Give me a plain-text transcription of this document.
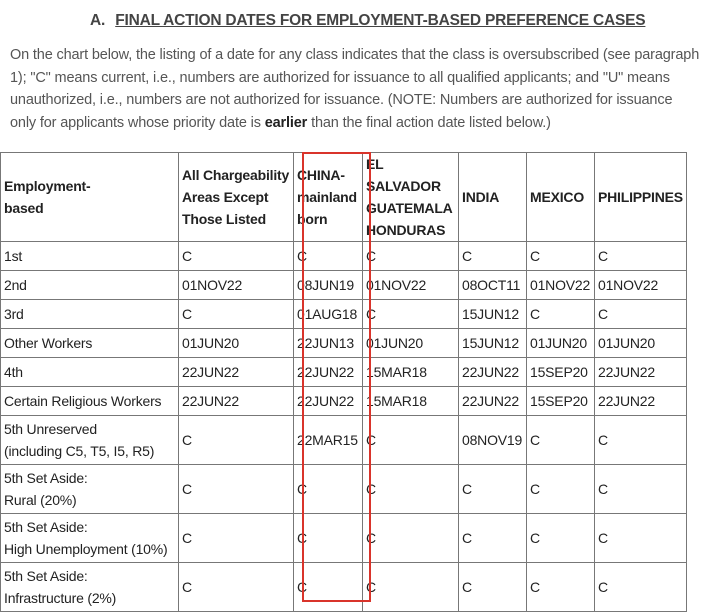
A. FINAL ACTION DATES FOR EMPLOYMENT-BASED PREFERENCE CASES

On the chart below, the listing of a date for any class indicates that the class is oversubscribed (see paragraph 1); "C" means current, i.e., numbers are authorized for issuance to all qualified applicants; and "U" means unauthorized, i.e., numbers are not authorized for issuance. (NOTE: Numbers are authorized for issuance only for applicants whose priority date is earlier than the final action date listed below.)

Employment-
based	All Chargeability
Areas Except
Those Listed	CHINA-
mainland
born	EL SALVADOR
GUATEMALA
HONDURAS	INDIA	MEXICO	PHILIPPINES

1st	C	C	C	C	C	C

2nd	01NOV22	08JUN19	01NOV22	08OCT11	01NOV22	01NOV22

3rd	C	01AUG18	C	15JUN12	C	C

Other Workers	01JUN20	22JUN13	01JUN20	15JUN12	01JUN20	01JUN20

4th	22JUN22	22JUN22	15MAR18	22JUN22	15SEP20	22JUN22

Certain Religious Workers	22JUN22	22JUN22	15MAR18	22JUN22	15SEP20	22JUN22

5th Unreserved
(including C5, T5, I5, R5)	C	22MAR15	C	08NOV19	C	C

5th Set Aside:
Rural (20%)	C	C	C	C	C	C

5th Set Aside:
High Unemployment (10%)	C	C	C	C	C	C

5th Set Aside:
Infrastructure (2%)	C	C	C	C	C	C
